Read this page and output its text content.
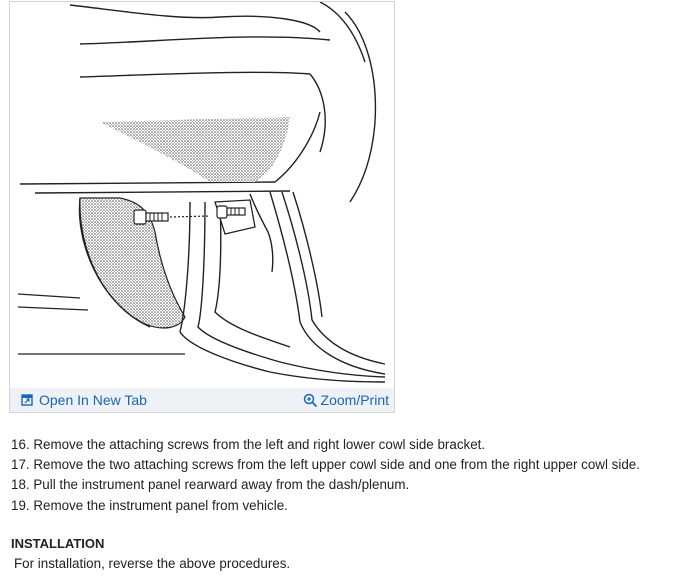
Open In New Tab	Zoom/Print
16. Remove the attaching screws from the left and right lower cowl side bracket.
17. Remove the two attaching screws from the left upper cowl side and one from the right upper cowl side.
18. Pull the instrument panel rearward away from the dash/plenum.
19. Remove the instrument panel from vehicle.
INSTALLATION

For installation, reverse the above procedures.
